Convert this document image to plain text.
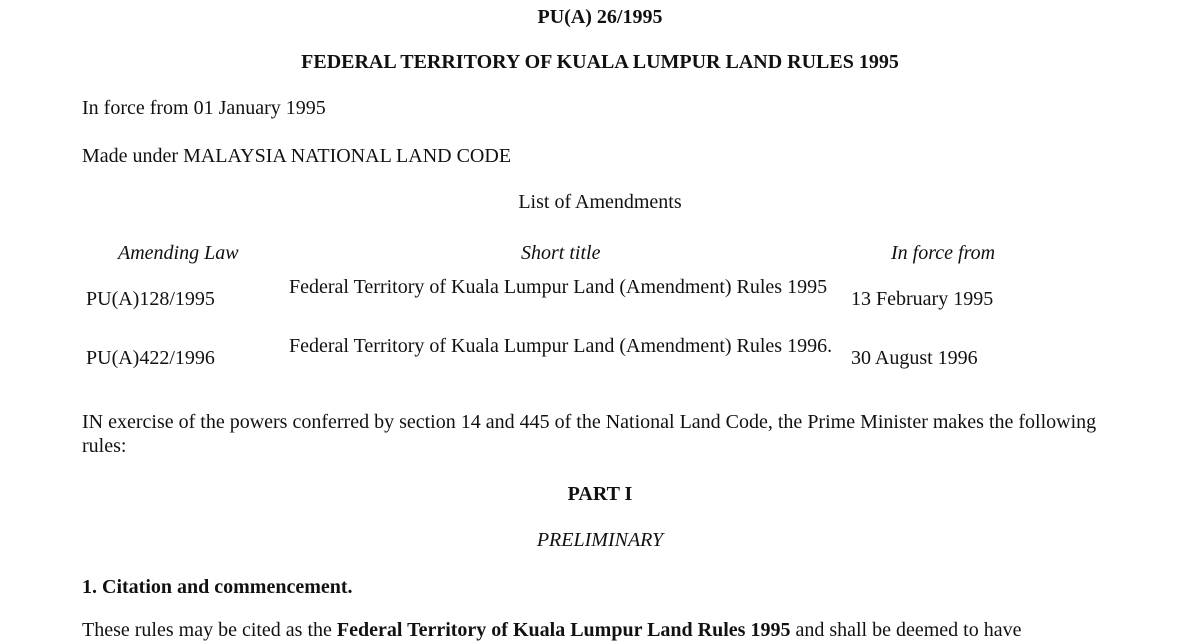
PU(A) 26/1995
FEDERAL TERRITORY OF KUALA LUMPUR LAND RULES 1995
In force from 01 January 1995
Made under MALAYSIA NATIONAL LAND CODE
List of Amendments
Amending Law	Short title	In force from
PU(A)128/1995
Federal Territory of Kuala Lumpur Land (Amendment) Rules 1995
13 February 1995
PU(A)422/1996
Federal Territory of Kuala Lumpur Land (Amendment) Rules 1996.
30 August 1996
IN exercise of the powers conferred by section 14 and 445 of the National Land Code, the Prime Minister makes the following rules:
PART I
PRELIMINARY
1. Citation and commencement.
These rules may be cited as the Federal Territory of Kuala Lumpur Land Rules 1995 and shall be deemed to have
